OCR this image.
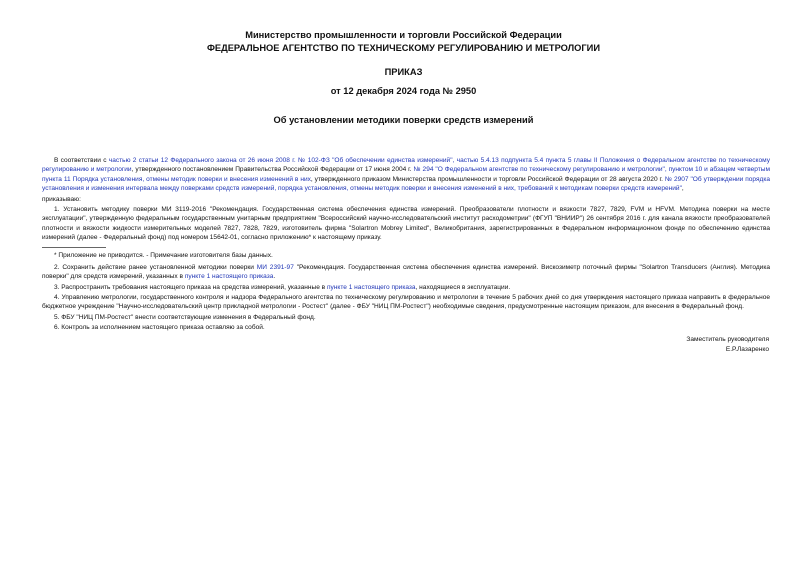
Министерство промышленности и торговли Российской Федерации

ФЕДЕРАЛЬНОЕ АГЕНТСТВО ПО ТЕХНИЧЕСКОМУ РЕГУЛИРОВАНИЮ И МЕТРОЛОГИИ

ПРИКАЗ

от 12 декабря 2024 года № 2950

Об установлении методики поверки средств измерений

В соответствии с частью 2 статьи 12 Федерального закона от 26 июня 2008 г. № 102-ФЗ "Об обеспечении единства измерений", частью 5.4.13 подпункта 5.4 пункта 5 главы II Положения о Федеральном агентстве по техническому регулированию и метрологии, утвержденного постановлением Правительства Российской Федерации от 17 июня 2004 г. № 294 "О Федеральном агентстве по техническому регулированию и метрологии", пунктом 10 и абзацем четвертым пункта 11 Порядка установления, отмены методик поверки и внесения изменений в них, утвержденного приказом Министерства промышленности и торговли Российской Федерации от 28 августа 2020 г. № 2907 "Об утверждении порядка установления и изменения интервала между поверками средств измерений, порядка установления, отмены методик поверки и внесения изменений в них, требований к методикам поверки средств измерений",

приказываю:

1. Установить методику поверки МИ 3119-2016 "Рекомендация. Государственная система обеспечения единства измерений. Преобразователи плотности и вязкости 7827, 7829, FVM и HFVM. Методика поверки на месте эксплуатации", утвержденную федеральным государственным унитарным предприятием "Всероссийский научно-исследовательский институт расходометрии" (ФГУП "ВНИИР") 26 сентября 2016 г. для канала вязкости преобразователей плотности и вязкости жидкости измерительных моделей 7827, 7828, 7829, изготовитель фирма "Solartron Mobrey Limited", Великобритания, зарегистрированных в Федеральном информационном фонде по обеспечению единства измерений (далее - Федеральный фонд) под номером 15642-01, согласно приложению* к настоящему приказу.

* Приложение не приводится. - Примечание изготовителя базы данных.

2. Сохранить действие ранее установленной методики поверки МИ 2391-97 "Рекомендация. Государственная система обеспечения единства измерений. Вискозиметр поточный фирмы "Solartron Transducers (Англия). Методика поверки" для средств измерений, указанных в пункте 1 настоящего приказа.

3. Распространить требования настоящего приказа на средства измерений, указанные в пункте 1 настоящего приказа, находящиеся в эксплуатации.

4. Управлению метрологии, государственного контроля и надзора Федерального агентства по техническому регулированию и метрологии в течение 5 рабочих дней со дня утверждения настоящего приказа направить в федеральное бюджетное учреждение "Научно-исследовательский центр прикладной метрологии - Ростест" (далее - ФБУ "НИЦ ПМ-Ростест") необходимые сведения, предусмотренные настоящим приказом, для внесения в Федеральный фонд.

5. ФБУ "НИЦ ПМ-Ростест" внести соответствующие изменения в Федеральный фонд.

6. Контроль за исполнением настоящего приказа оставляю за собой.

Заместитель руководителя

Е.Р.Лазаренко
